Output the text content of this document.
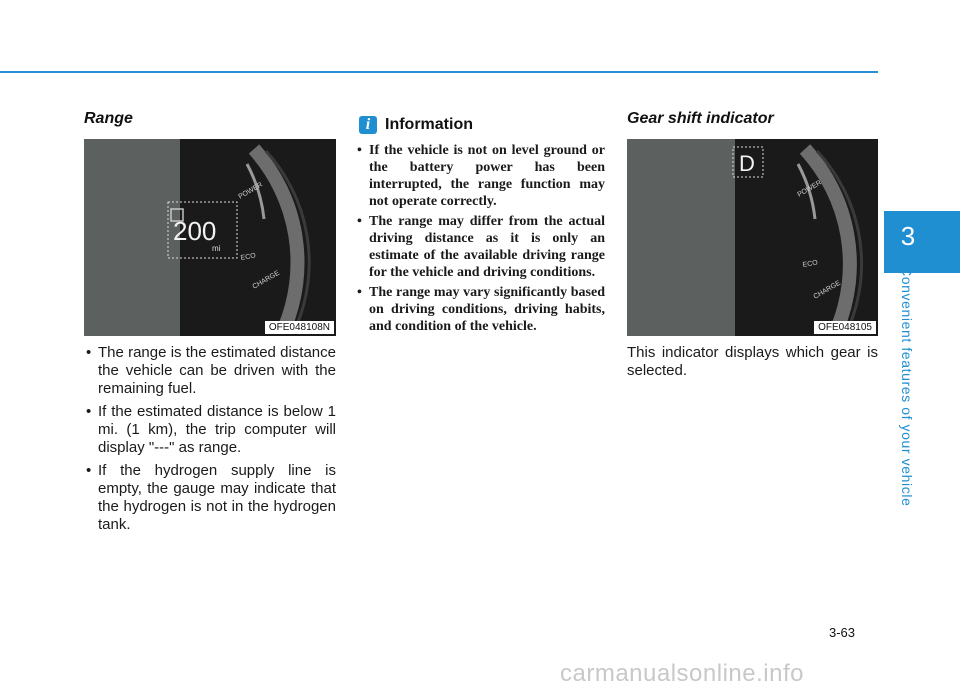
3
Convenient features of your vehicle
Range
POWER
ECO
CHARGE
200
mi
OFE048108N
• The range is the estimated distance the vehicle can be driven with the remaining fuel.
• If the estimated distance is below 1 mi. (1 km), the trip computer will display "---" as range.
• If the hydrogen supply line is empty, the gauge may indicate that the hydrogen is not in the hydrogen tank.
i Information
• If the vehicle is not on level ground or the battery power has been interrupted, the range function may not operate correctly.
• The range may differ from the actual driving distance as it is only an estimate of the available driving range for the vehicle and driving conditions.
• The range may vary significantly based on driving conditions, driving habits, and condition of the vehicle.
Gear shift indicator
D
POWER
ECO
CHARGE
OFE048105
This indicator displays which gear is selected.
3-63
carmanualsonline.info
